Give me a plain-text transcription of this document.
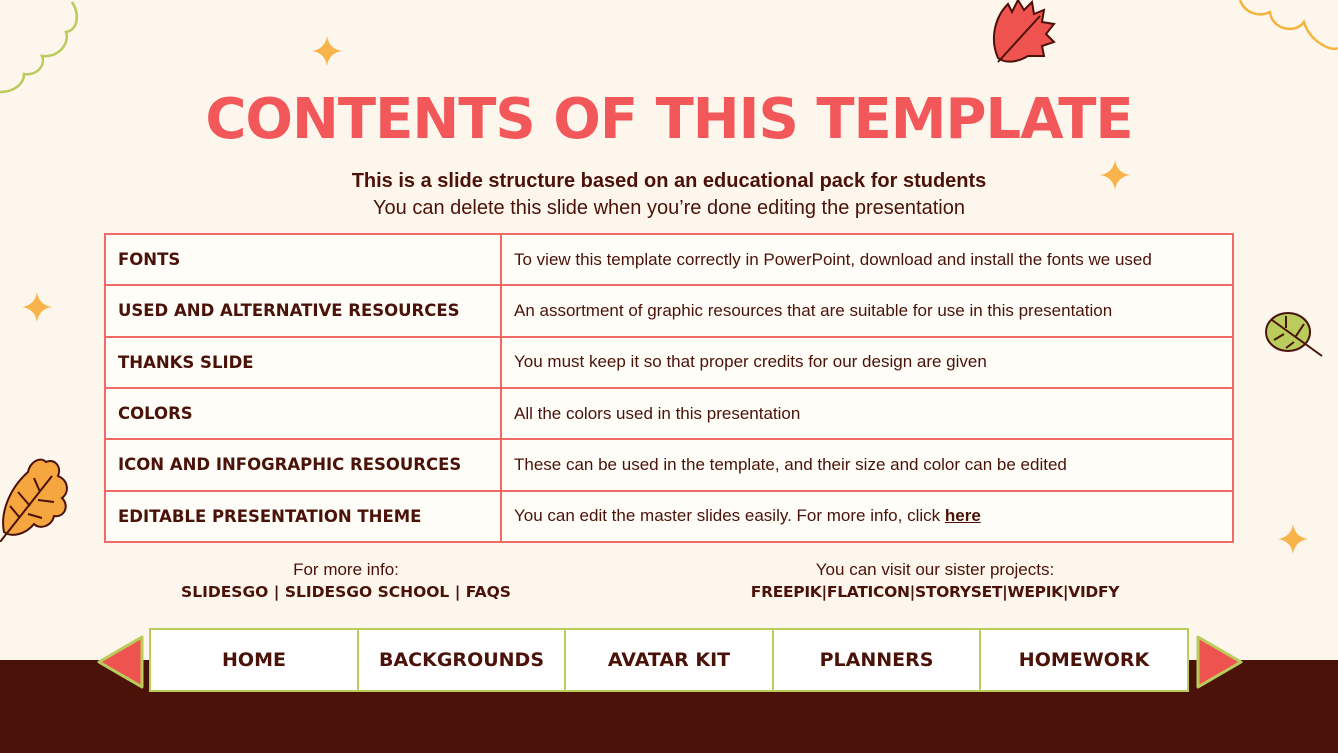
CONTENTS OF THIS TEMPLATE
This is a slide structure based on an educational pack for students
You can delete this slide when you’re done editing the presentation
FONTS	To view this template correctly in PowerPoint, download and install the fonts we used
USED AND ALTERNATIVE RESOURCES	An assortment of graphic resources that are suitable for use in this presentation
THANKS SLIDE	You must keep it so that proper credits for our design are given
COLORS	All the colors used in this presentation
ICON AND INFOGRAPHIC RESOURCES	These can be used in the template, and their size and color can be edited
EDITABLE PRESENTATION THEME	You can edit the master slides easily. For more info, click here
For more info:
SLIDESGO | SLIDESGO SCHOOL | FAQS
You can visit our sister projects:
FREEPIK|FLATICON|STORYSET|WEPIK|VIDFY
HOME	BACKGROUNDS	AVATAR KIT	PLANNERS	HOMEWORK
